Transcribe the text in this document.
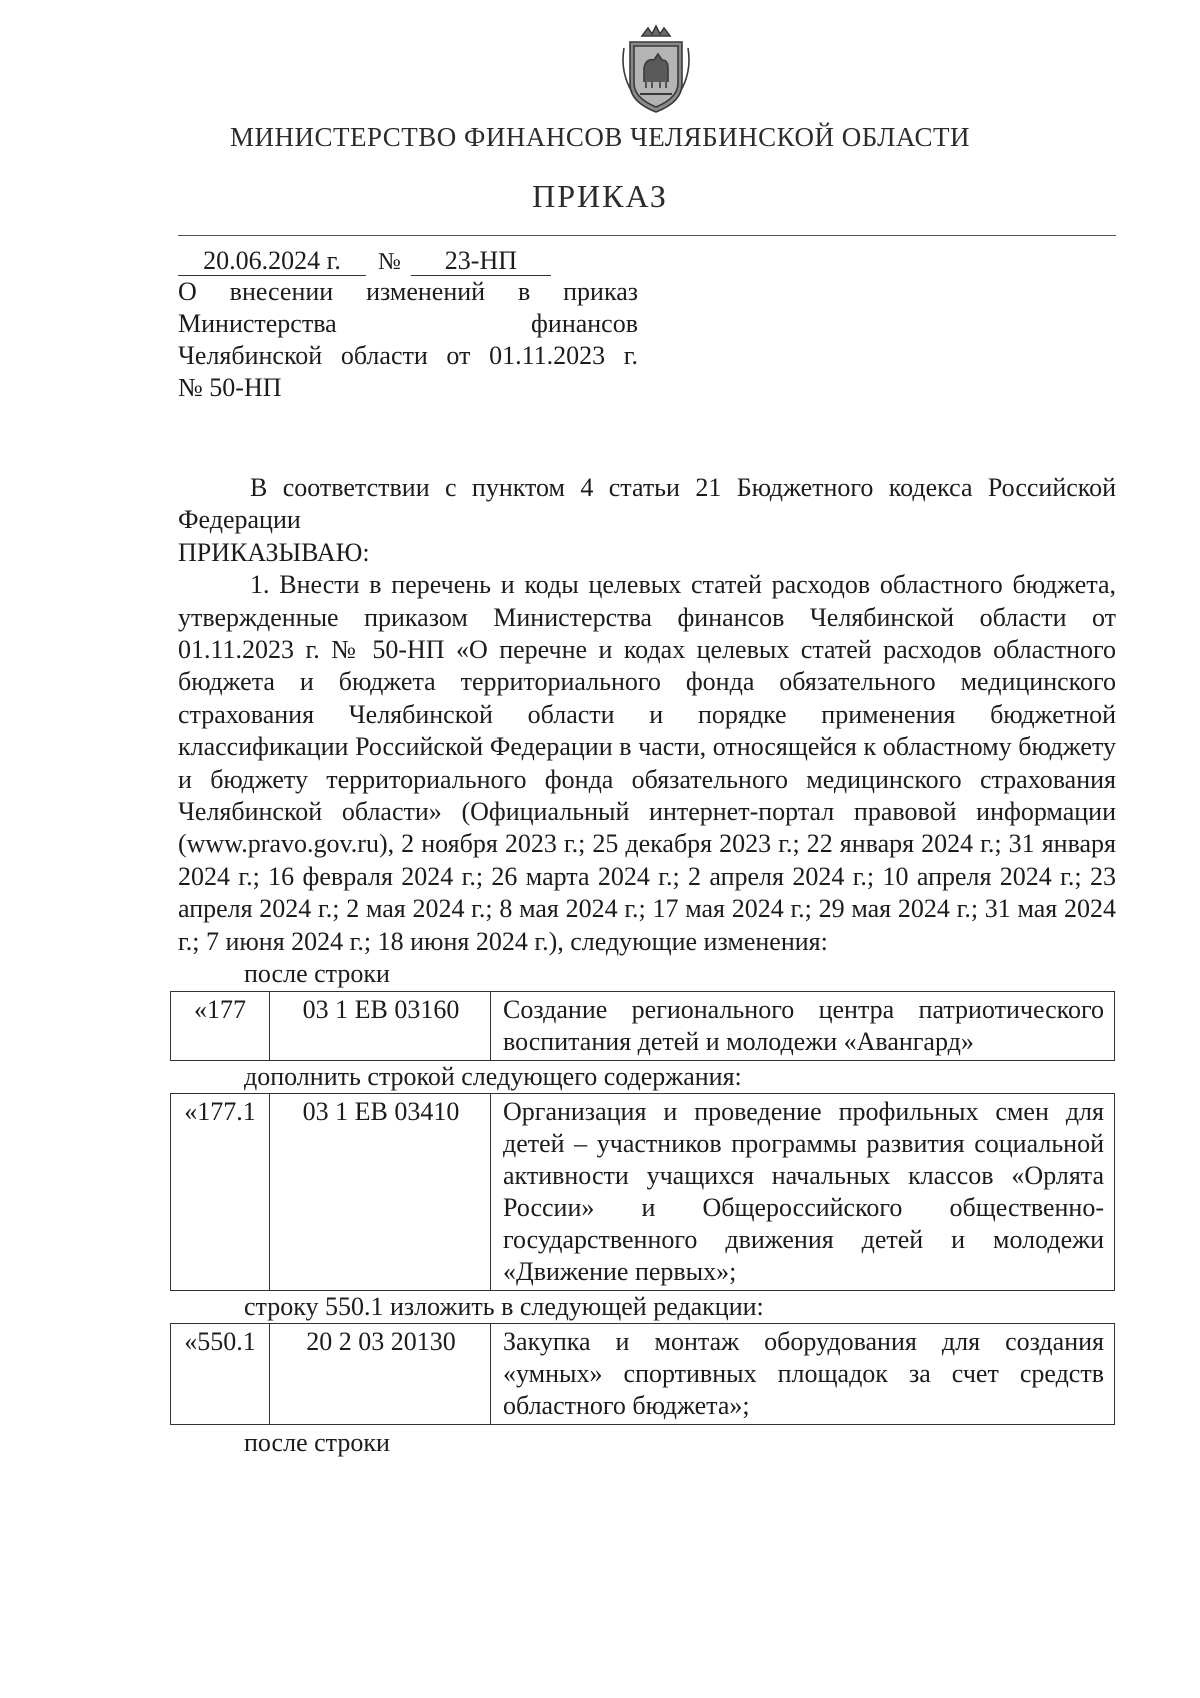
МИНИСТЕРСТВО ФИНАНСОВ ЧЕЛЯБИНСКОЙ ОБЛАСТИ
ПРИКАЗ
20.06.2024 г. № 23-НП
О внесении изменений в приказ
Министерства финансов
Челябинской области от 01.11.2023 г.
№ 50-НП

В соответствии с пунктом 4 статьи 21 Бюджетного кодекса Российской Федерации

ПРИКАЗЫВАЮ:

1. Внести в перечень и коды целевых статей расходов областного бюджета, утвержденные приказом Министерства финансов Челябинской области от 01.11.2023 г. № 50-НП «О перечне и кодах целевых статей расходов областного бюджета и бюджета территориального фонда обязательного медицинского страхования Челябинской области и порядке применения бюджетной классификации Российской Федерации в части, относящейся к областному бюджету и бюджету территориального фонда обязательного медицинского страхования Челябинской области» (Официальный интернет-портал правовой информации (www.pravo.gov.ru), 2 ноября 2023 г.; 25 декабря 2023 г.; 22 января 2024 г.; 31 января 2024 г.; 16 февраля 2024 г.; 26 марта 2024 г.; 2 апреля 2024 г.; 10 апреля 2024 г.; 23 апреля 2024 г.; 2 мая 2024 г.; 8 мая 2024 г.; 17 мая 2024 г.; 29 мая 2024 г.; 31 мая 2024 г.; 7 июня 2024 г.; 18 июня 2024 г.), следующие изменения:

после строки

«177	03 1 ЕВ 03160	Создание регионального центра патриотического воспитания детей и молодежи «Авангард»

дополнить строкой следующего содержания:

«177.1	03 1 ЕВ 03410	Организация и проведение профильных смен для детей – участников программы развития социальной активности учащихся начальных классов «Орлята России» и Общероссийского общественно-государственного движения детей и молодежи «Движение первых»;

строку 550.1 изложить в следующей редакции:

«550.1	20 2 03 20130	Закупка и монтаж оборудования для создания «умных» спортивных площадок за счет средств областного бюджета»;

после строки
